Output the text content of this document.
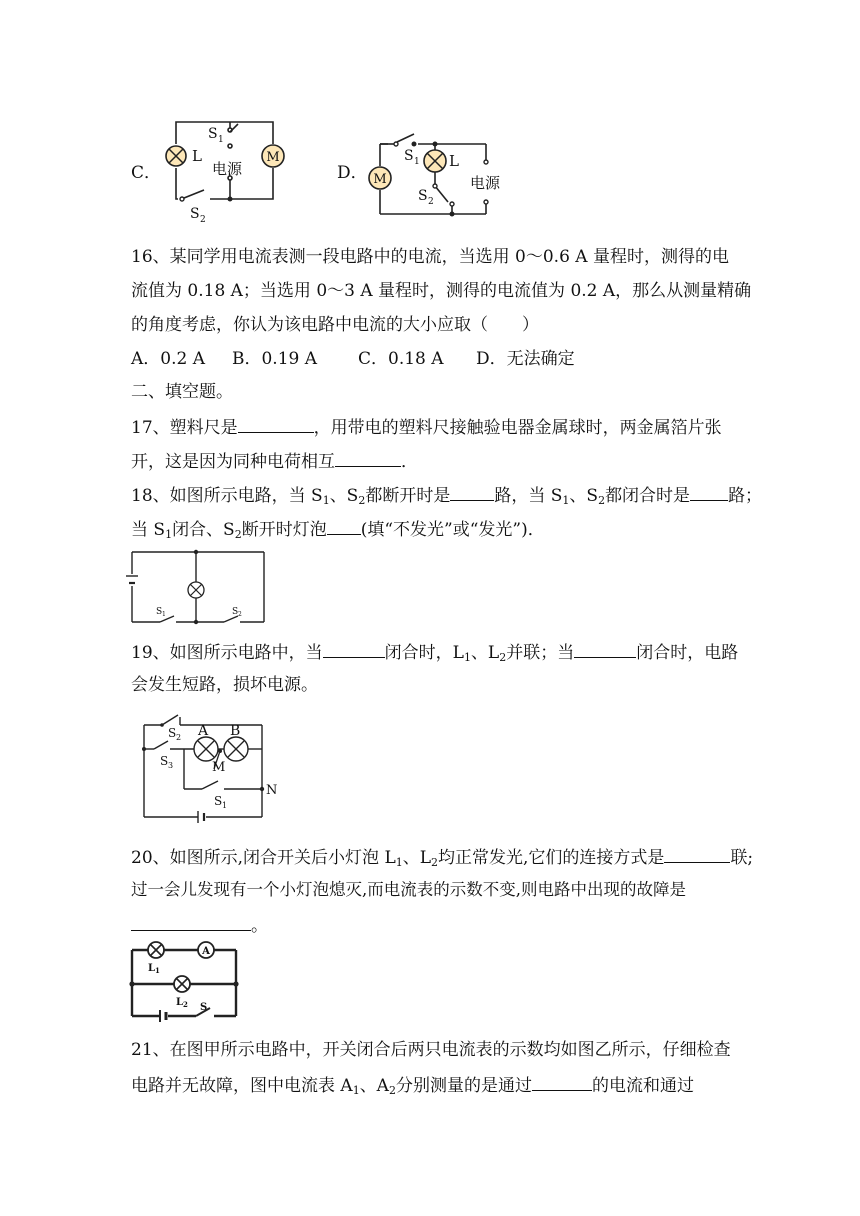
C．
M
L
S 1
电源
S 2
D． M
S 1 L
S 2
电源
16、某同学用电流表测一段电路中的电流，当选用 0～0.6 A 量程时，测得的电
流值为 0.18 A；当选用 0～3 A 量程时，测得的电流值为 0.2 A，那么从测量精确
的角度考虑，你认为该电路中电流的大小应取（　　）
A．0.2 A B．0.19 A C．0.18 A D．无法确定
二、填空题。
17、塑料尺是	，用带电的塑料尺接触验电器金属球时，两金属箔片张
开，这是因为同种电荷相互	．
18、如图所示电路，当 $S_1$、$S_2$都断开时是	路，当 $S_1$、$S_2$都闭合时是 路；
当 $S_1$闭合、$S_2$断开时灯泡 (填“不发光”或“发光”)．
S 1	S 2
19、如图所示电路中，当	闭合时，$L_1$、$L_2$并联；当	闭合时，电路
会发生短路，损坏电源。
S 2 A B
S 3	M
N
S 1
20、如图所示,闭合开关后小灯泡 $L_1$、$L_2$均正常发光,它们的连接方式是	联;
过一会儿发现有一个小灯泡熄灭,而电流表的示数不变,则电路中出现的故障是
。
A
L 1
L 2 S
21、在图甲所示电路中，开关闭合后两只电流表的示数均如图乙所示，仔细检查
电路并无故障，图中电流表 $A_1$、$A_2$分别测量的是通过	的电流和通过
